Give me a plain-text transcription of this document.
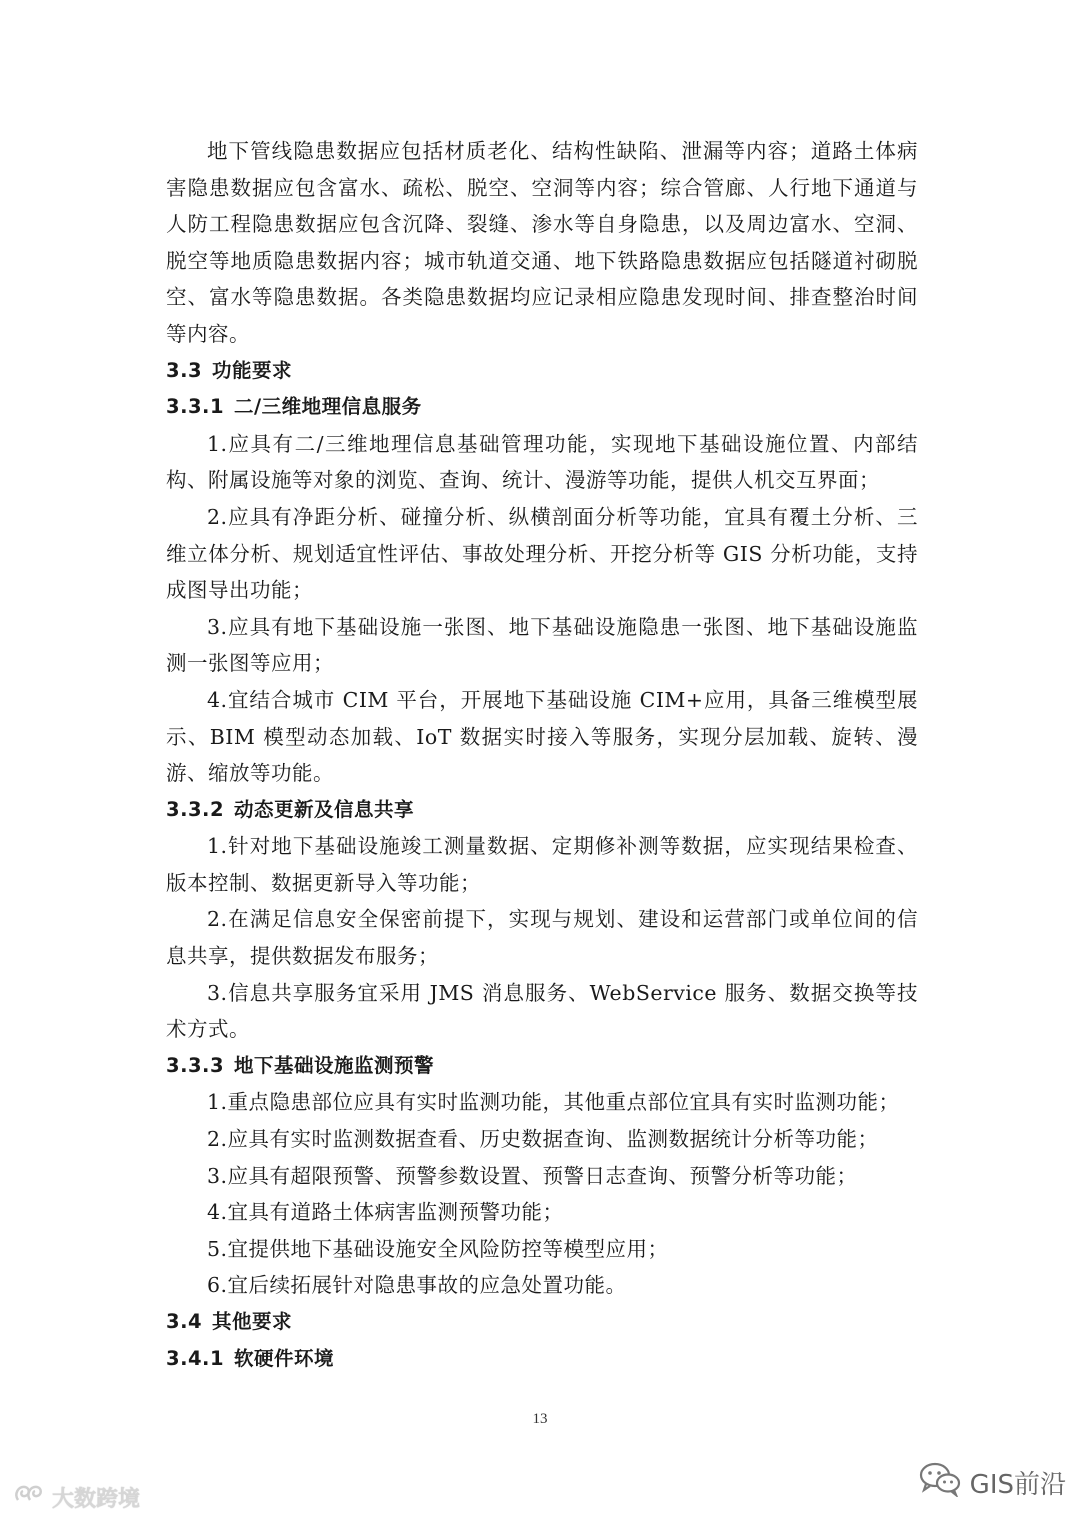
地下管线隐患数据应包括材质老化、结构性缺陷、泄漏等内容；道路土体病害隐患数据应包含富水、疏松、脱空、空洞等内容；综合管廊、人行地下通道与人防工程隐患数据应包含沉降、裂缝、渗水等自身隐患，以及周边富水、空洞、脱空等地质隐患数据内容；城市轨道交通、地下铁路隐患数据应包括隧道衬砌脱空、富水等隐患数据。各类隐患数据均应记录相应隐患发现时间、排查整治时间等内容。

3.3 功能要求
3.3.1 二/三维地理信息服务

1.应具有二/三维地理信息基础管理功能，实现地下基础设施位置、内部结构、附属设施等对象的浏览、查询、统计、漫游等功能，提供人机交互界面；

2.应具有净距分析、碰撞分析、纵横剖面分析等功能，宜具有覆土分析、三维立体分析、规划适宜性评估、事故处理分析、开挖分析等 GIS 分析功能，支持成图导出功能；

3.应具有地下基础设施一张图、地下基础设施隐患一张图、地下基础设施监测一张图等应用；

4.宜结合城市 CIM 平台，开展地下基础设施 CIM+应用，具备三维模型展示、BIM 模型动态加载、IoT 数据实时接入等服务，实现分层加载、旋转、漫游、缩放等功能。

3.3.2 动态更新及信息共享

1.针对地下基础设施竣工测量数据、定期修补测等数据，应实现结果检查、版本控制、数据更新导入等功能；

2.在满足信息安全保密前提下，实现与规划、建设和运营部门或单位间的信息共享，提供数据发布服务；

3.信息共享服务宜采用 JMS 消息服务、WebService 服务、数据交换等技术方式。

3.3.3 地下基础设施监测预警

1.重点隐患部位应具有实时监测功能，其他重点部位宜具有实时监测功能；

2.应具有实时监测数据查看、历史数据查询、监测数据统计分析等功能；

3.应具有超限预警、预警参数设置、预警日志查询、预警分析等功能；

4.宜具有道路土体病害监测预警功能；

5.宜提供地下基础设施安全风险防控等模型应用；

6.宜后续拓展针对隐患事故的应急处置功能。

3.4 其他要求
3.4.1 软硬件环境
13
大数跨境	GIS前沿
